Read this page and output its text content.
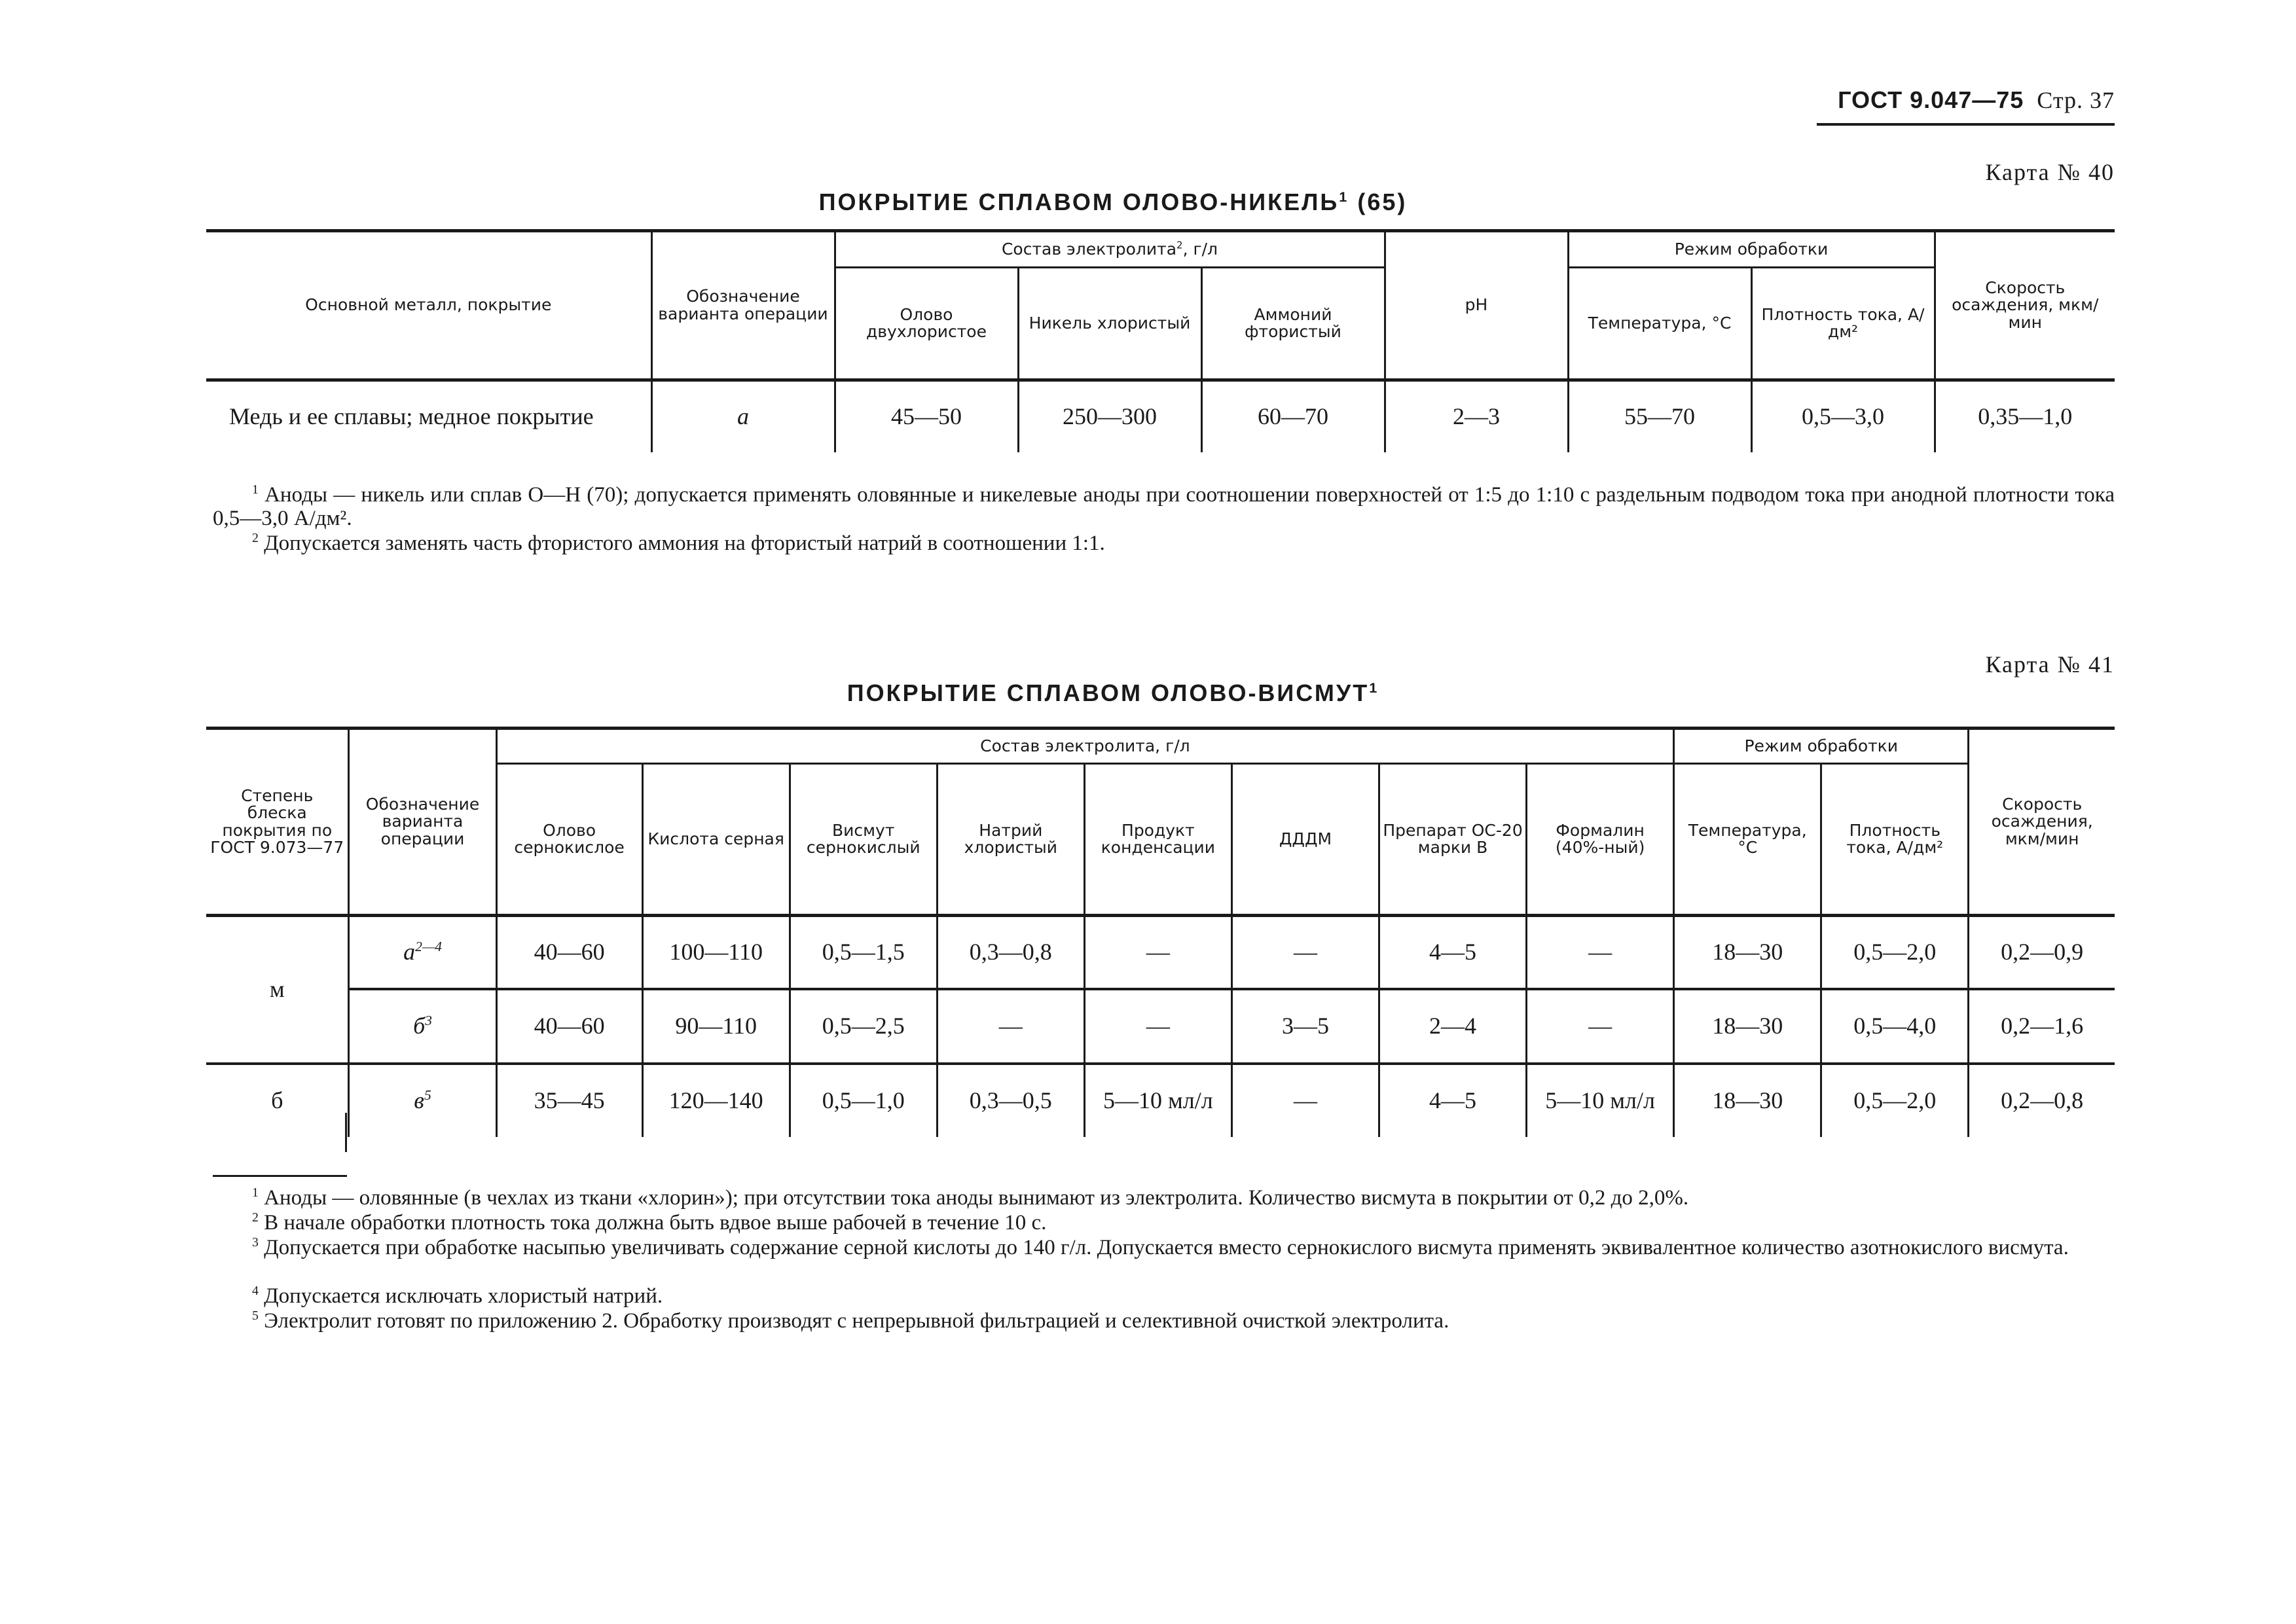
ГОСТ 9.047—75 Стр. 37
Карта № 40
ПОКРЫТИЕ СПЛАВОМ ОЛОВО-НИКЕЛЬ$^1$ (65)
Основной металл, покрытие	Обозначение варианта операции	Состав электролита$^2$, г/л			pH	Режим обработки		Скорость осаждения, мкм/мин
		Олово двухлористое	Никель хлористый	Аммоний фтористый		Температура, °С	Плотность тока, А/дм²	
Медь и ее сплавы; медное покрытие	а	45—50	250—300	60—70	2—3	55—70	0,5—3,0	0,35—1,0
$^1$ Аноды — никель или сплав О—Н (70); допускается применять оловянные и никелевые аноды при соотношении поверхностей от 1:5 до 1:10 с раздельным подводом тока при анодной плотности тока 0,5—3,0 А/дм².
$^2$ Допускается заменять часть фтористого аммония на фтористый натрий в соотношении 1:1.
Карта № 41
ПОКРЫТИЕ СПЛАВОМ ОЛОВО-ВИСМУТ$^1$
Степень блеска покрытия по ГОСТ 9.073—77	Обозначение варианта операции	Состав электролита, г/л								Режим обработки		Скорость осаждения, мкм/мин
		Олово сернокислое	Кислота серная	Висмут сернокислый	Натрий хлористый	Продукт конденсации	ДДДМ	Препарат ОС-20 марки В	Формалин (40%-ный)	Температура, °С	Плотность тока, А/дм²	
м	$а^{2—4}$	40—60	100—110	0,5—1,5	0,3—0,8	—	—	4—5	—	18—30	0,5—2,0	0,2—0,9
	$б^3$	40—60	90—110	0,5—2,5	—	—	3—5	2—4	—	18—30	0,5—4,0	0,2—1,6
б	$в^5$	35—45	120—140	0,5—1,0	0,3—0,5	5—10 мл/л	—	4—5	5—10 мл/л	18—30	0,5—2,0	0,2—0,8
$^1$ Аноды — оловянные (в чехлах из ткани «хлорин»); при отсутствии тока аноды вынимают из электролита. Количество висмута в покрытии от 0,2 до 2,0%.
$^2$ В начале обработки плотность тока должна быть вдвое выше рабочей в течение 10 с.
$^3$ Допускается при обработке насыпью увеличивать содержание серной кислоты до 140 г/л. Допускается вместо сернокислого висмута применять эквивалентное количество азотнокислого висмута.
$^4$ Допускается исключать хлористый натрий.
$^5$ Электролит готовят по приложению 2. Обработку производят с непрерывной фильтрацией и селективной очисткой электролита.
